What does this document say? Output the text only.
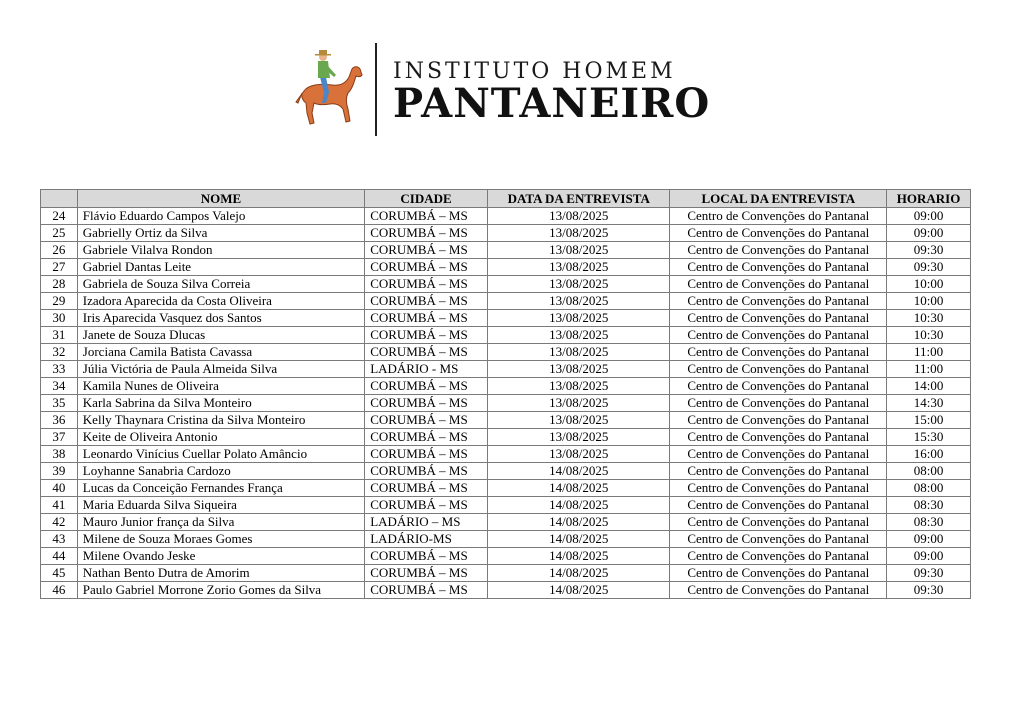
INSTITUTO HOMEM
PANTANEIRO
	NOME	CIDADE	DATA DA ENTREVISTA	LOCAL DA ENTREVISTA	HORARIO
24	Flávio Eduardo Campos Valejo	CORUMBÁ – MS	13/08/2025	Centro de Convenções do Pantanal	09:00
25	Gabrielly Ortiz da Silva	CORUMBÁ – MS	13/08/2025	Centro de Convenções do Pantanal	09:00
26	Gabriele Vilalva Rondon	CORUMBÁ – MS	13/08/2025	Centro de Convenções do Pantanal	09:30
27	Gabriel Dantas Leite	CORUMBÁ – MS	13/08/2025	Centro de Convenções do Pantanal	09:30
28	Gabriela de Souza Silva Correia	CORUMBÁ – MS	13/08/2025	Centro de Convenções do Pantanal	10:00
29	Izadora Aparecida da Costa Oliveira	CORUMBÁ – MS	13/08/2025	Centro de Convenções do Pantanal	10:00
30	Iris Aparecida Vasquez dos Santos	CORUMBÁ – MS	13/08/2025	Centro de Convenções do Pantanal	10:30
31	Janete de Souza Dlucas	CORUMBÁ – MS	13/08/2025	Centro de Convenções do Pantanal	10:30
32	Jorciana Camila Batista Cavassa	CORUMBÁ – MS	13/08/2025	Centro de Convenções do Pantanal	11:00
33	Júlia Victória de Paula Almeida Silva	LADÁRIO - MS	13/08/2025	Centro de Convenções do Pantanal	11:00
34	Kamila Nunes de Oliveira	CORUMBÁ – MS	13/08/2025	Centro de Convenções do Pantanal	14:00
35	Karla Sabrina da Silva Monteiro	CORUMBÁ – MS	13/08/2025	Centro de Convenções do Pantanal	14:30
36	Kelly Thaynara Cristina da Silva Monteiro	CORUMBÁ – MS	13/08/2025	Centro de Convenções do Pantanal	15:00
37	Keite de Oliveira Antonio	CORUMBÁ – MS	13/08/2025	Centro de Convenções do Pantanal	15:30
38	Leonardo Vinícius Cuellar Polato Amâncio	CORUMBÁ – MS	13/08/2025	Centro de Convenções do Pantanal	16:00
39	Loyhanne Sanabria Cardozo	CORUMBÁ – MS	14/08/2025	Centro de Convenções do Pantanal	08:00
40	Lucas da Conceição Fernandes França	CORUMBÁ – MS	14/08/2025	Centro de Convenções do Pantanal	08:00
41	Maria Eduarda Silva Siqueira	CORUMBÁ – MS	14/08/2025	Centro de Convenções do Pantanal	08:30
42	Mauro Junior frança da Silva	LADÁRIO – MS	14/08/2025	Centro de Convenções do Pantanal	08:30
43	Milene de Souza Moraes Gomes	LADÁRIO-MS	14/08/2025	Centro de Convenções do Pantanal	09:00
44	Milene Ovando Jeske	CORUMBÁ – MS	14/08/2025	Centro de Convenções do Pantanal	09:00
45	Nathan Bento Dutra de Amorim	CORUMBÁ – MS	14/08/2025	Centro de Convenções do Pantanal	09:30
46	Paulo Gabriel Morrone Zorio Gomes da Silva	CORUMBÁ – MS	14/08/2025	Centro de Convenções do Pantanal	09:30
